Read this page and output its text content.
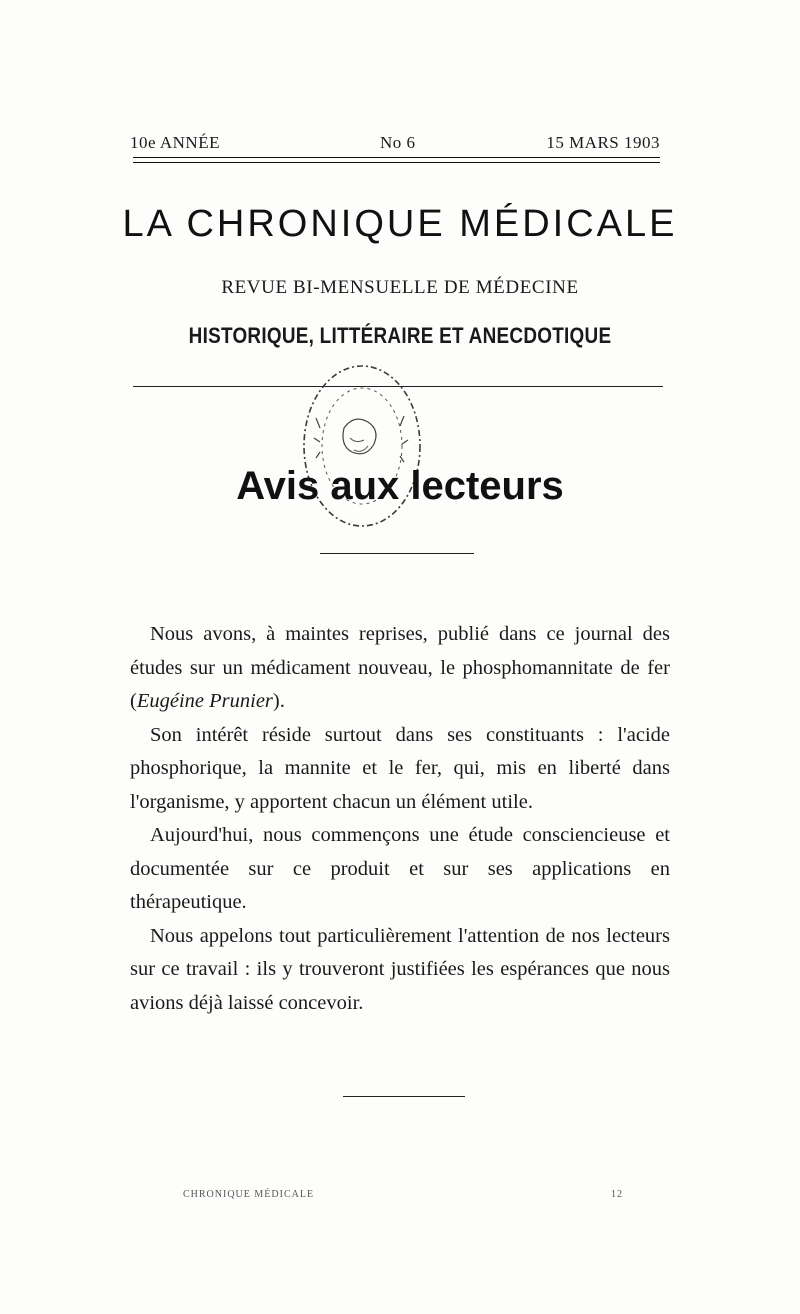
10e ANNÉE	No 6	15 MARS 1903
LA CHRONIQUE MÉDICALE
REVUE BI-MENSUELLE DE MÉDECINE
HISTORIQUE, LITTÉRAIRE ET ANECDOTIQUE
Avis aux lecteurs

Nous avons, à maintes reprises, publié dans ce journal des études sur un médicament nouveau, le phosphomannitate de fer (Eugéine Prunier).

Son intérêt réside surtout dans ses constituants : l'acide phosphorique, la mannite et le fer, qui, mis en liberté dans l'organisme, y apportent chacun un élément utile.

Aujourd'hui, nous commençons une étude consciencieuse et documentée sur ce produit et sur ses applications en thérapeutique.

Nous appelons tout particulièrement l'attention de nos lecteurs sur ce travail : ils y trouveront justifiées les espérances que nous avions déjà laissé concevoir.

CHRONIQUE MÉDICALE	12
